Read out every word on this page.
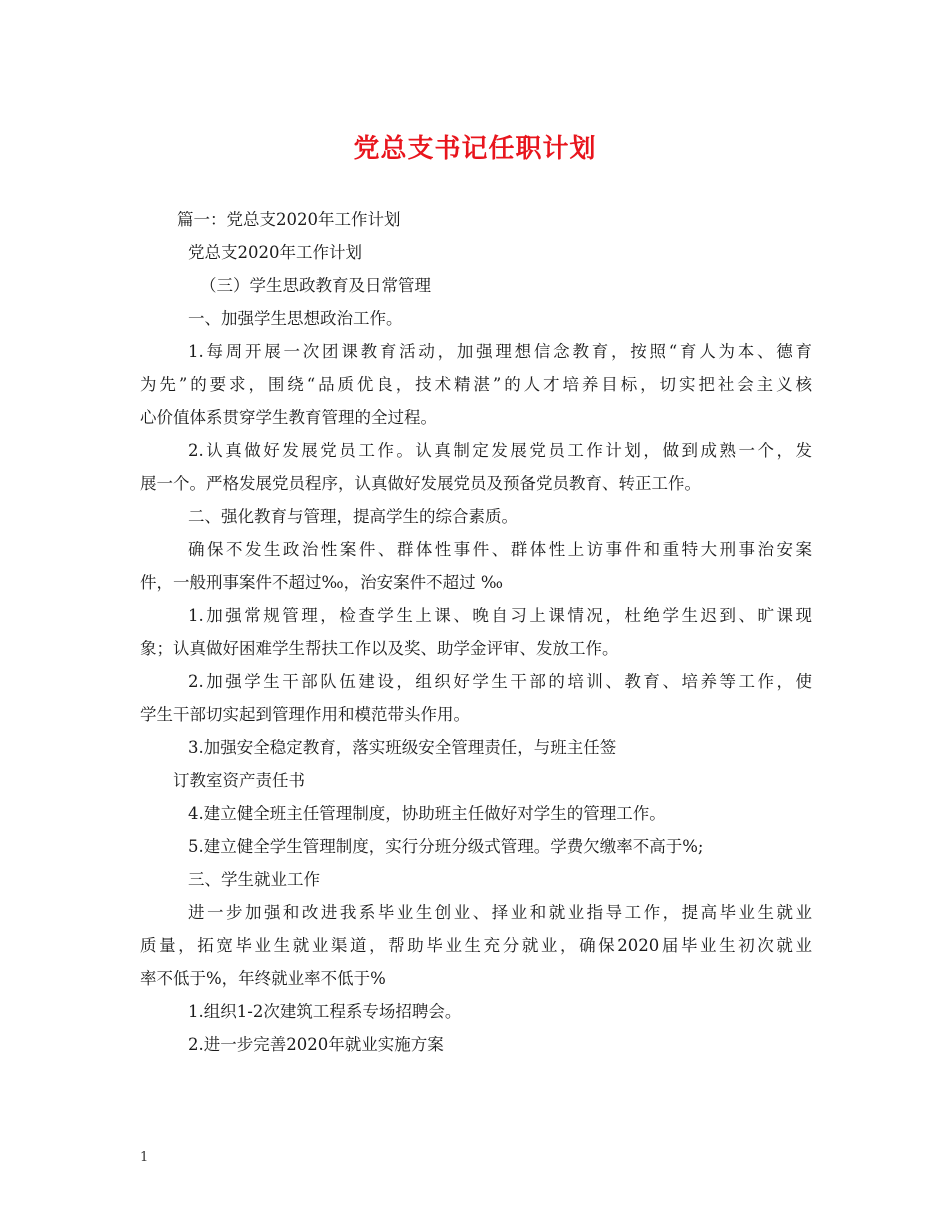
党总支书记任职计划

篇一：党总支2020年工作计划

党总支2020年工作计划

（三）学生思政教育及日常管理

一、加强学生思想政治工作。

1.每周开展一次团课教育活动，加强理想信念教育，按照“育人为本、德育

为先”的要求，围绕“品质优良，技术精湛”的人才培养目标，切实把社会主义核

心价值体系贯穿学生教育管理的全过程。

2.认真做好发展党员工作。认真制定发展党员工作计划，做到成熟一个，发

展一个。严格发展党员程序，认真做好发展党员及预备党员教育、转正工作。

二、强化教育与管理，提高学生的综合素质。

确保不发生政治性案件、群体性事件、群体性上访事件和重特大刑事治安案

件，一般刑事案件不超过‰，治安案件不超过 ‰

1.加强常规管理，检查学生上课、晚自习上课情况，杜绝学生迟到、旷课现

象；认真做好困难学生帮扶工作以及奖、助学金评审、发放工作。

2.加强学生干部队伍建设，组织好学生干部的培训、教育、培养等工作，使

学生干部切实起到管理作用和模范带头作用。

3.加强安全稳定教育，落实班级安全管理责任，与班主任签

订教室资产责任书

4.建立健全班主任管理制度，协助班主任做好对学生的管理工作。

5.建立健全学生管理制度，实行分班分级式管理。学费欠缴率不高于%;

三、学生就业工作

进一步加强和改进我系毕业生创业、择业和就业指导工作，提高毕业生就业

质量，拓宽毕业生就业渠道，帮助毕业生充分就业，确保2020届毕业生初次就业

率不低于%，年终就业率不低于%

1.组织1-2次建筑工程系专场招聘会。

2.进一步完善2020年就业实施方案

1
